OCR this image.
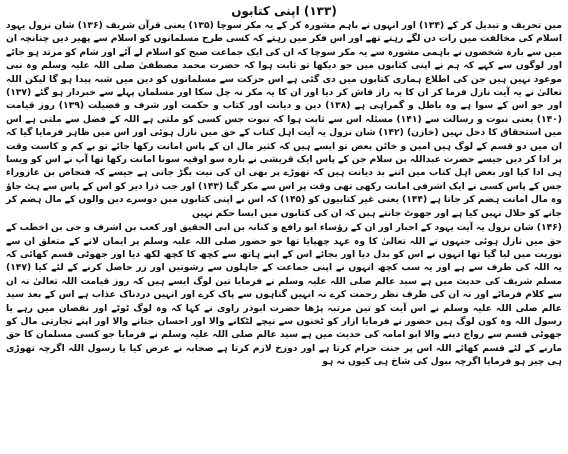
(۱۳۳) اپنی کتابوں

میں تحریف و تبدیل کر کے (۱۳۴) اور انہوں نے باہم مشورہ کر کے یہ مکر سوچا (۱۳۵) یعنی قرآن شریف (۱۳۶) شان نزول یہود اسلام کی مخالفت میں رات دن لگے رہتے تھے اور اس فکر میں رہتے کہ کسی طرح مسلمانوں کو اسلام سے پھیر دیں چنانچہ ان میں سے بارہ شخصوں نے باہمی مشورہ سے یہ مکر سوچا کہ ان کی ایک جماعت صبح کو اسلام لے آئے اور شام کو مرتد ہو جائے اور لوگوں سے کہے کہ ہم نے اپنی کتابوں میں جو دیکھا تو ثابت ہوا کہ حضرت محمد مصطفیٰ صلی اللہ علیہ وسلم وہ نبی موعود نہیں ہیں جن کی اطلاع ہماری کتابوں میں دی گئی ہے اس حرکت سے مسلمانوں کو دین میں شبہ پیدا ہو گا لیکن اللہ تعالیٰ نے یہ آیت نازل فرما کر ان کا یہ راز فاش کر دیا اور ان کا یہ مکر نہ چل سکا اور مسلمان پہلے سے خبردار ہو گئے (۱۳۷) اور جو اس کے سوا ہے وہ باطل و گمراہی ہے (۱۳۸) دین و دیانت اور کتاب و حکمت اور شرف و فضیلت (۱۳۹) روز قیامت (۱۴۰) یعنی نبوت و رسالت سے (۱۴۱) مسئلہ اس سے ثابت ہوا کہ نبوت جس کسی کو ملتی ہے اللہ کے فضل سے ملتی ہے اس میں استحقاق کا دخل نہیں (خازن) (۱۴۲) شان نزول یہ آیت اہل کتاب کے حق میں نازل ہوئی اور اس میں ظاہر فرمایا گیا کہ ان میں دو قسم کے لوگ ہیں امین و خائن بعض تو ایسے ہیں کہ کثیر مال ان کے پاس امانت رکھا جائے تو بے کم و کاست وقت پر ادا کر دیں جیسے حضرت عبداللہ بن سلام جن کے پاس ایک قریشی نے بارہ سو اوقیہ سونا امانت رکھا تھا آپ نے اس کو ویسا ہی ادا کیا اور بعض اہل کتاب میں اتنے بد دیانت ہیں کہ تھوڑے پر بھی ان کی نیت بگڑ جاتی ہے جیسے کہ فنحاص بن عازوراء جس کے پاس کسی نے ایک اشرفی امانت رکھی تھی وقت پر اس سے مکر گیا (۱۴۳) اور جب ذرا دیر کو اس کے پاس سے ہٹ جاؤ وہ مال امانت ہضم کر جاتا ہے (۱۴۴) یعنی غیر کتابیوں کو (۱۴۵) کہ اس نے اپنی کتابوں میں دوسرے دین والوں کے مال ہضم کر جانے کو حلال نہیں کیا ہے اور جھوٹ جانتے ہیں کہ ان کی کتابوں میں ایسا حکم نہیں

(۱۴۶) شان نزول یہ آیت یہود کے احبار اور ان کے رؤساء ابو رافع و کنانہ بن ابی الحقیق اور کعب بن اشرف و حی بن اخطب کے حق میں نازل ہوئی جنہوں نے اللہ تعالیٰ کا وہ عہد چھپایا تھا جو حضور صلی اللہ علیہ وسلم پر ایمان لانے کے متعلق ان سے توریت میں لیا گیا تھا انہوں نے اس کو بدل دیا اور بجائے اس کے اپنے ہاتھ سے کچھ کا کچھ لکھ دیا اور جھوٹی قسم کھائی کہ یہ اللہ کی طرف سے ہے اور یہ سب کچھ انہوں نے اپنی جماعت کے جاہلوں سے رشوتیں اور زر حاصل کرنے کے لئے کیا (۱۴۷) مسلم شریف کی حدیث میں ہے سید عالم صلی اللہ علیہ وسلم نے فرمایا تین لوگ ایسے ہیں کہ روز قیامت اللہ تعالیٰ نہ ان سے کلام فرمائے اور نہ ان کی طرف نظر رحمت کرے نہ انہیں گناہوں سے پاک کرے اور انہیں دردناک عذاب ہے اس کے بعد سید عالم صلی اللہ علیہ وسلم نے اس آیت کو تین مرتبہ پڑھا حضرت ابوذر راوی نے کہا کہ وہ لوگ ٹوٹے اور نقصان میں رہے یا رسول اللہ وہ کون لوگ ہیں حضور نے فرمایا ازار کو ٹخنوں سے نیچے لٹکانے والا اور احسان جتانے والا اور اپنے تجارتی مال کو جھوٹی قسم سے رواج دینے والا ابو امامہ کی حدیث میں ہے سید عالم صلی اللہ علیہ وسلم نے فرمایا جو کسی مسلمان کا حق مارنے کے لئے قسم کھائے اللہ اس پر جنت حرام کرتا ہے اور دوزخ لازم کرتا ہے صحابہ نے عرض کیا یا رسول اللہ اگرچہ تھوڑی ہی چیز ہو فرمایا اگرچہ ببول کی شاخ ہی کیوں نہ ہو
